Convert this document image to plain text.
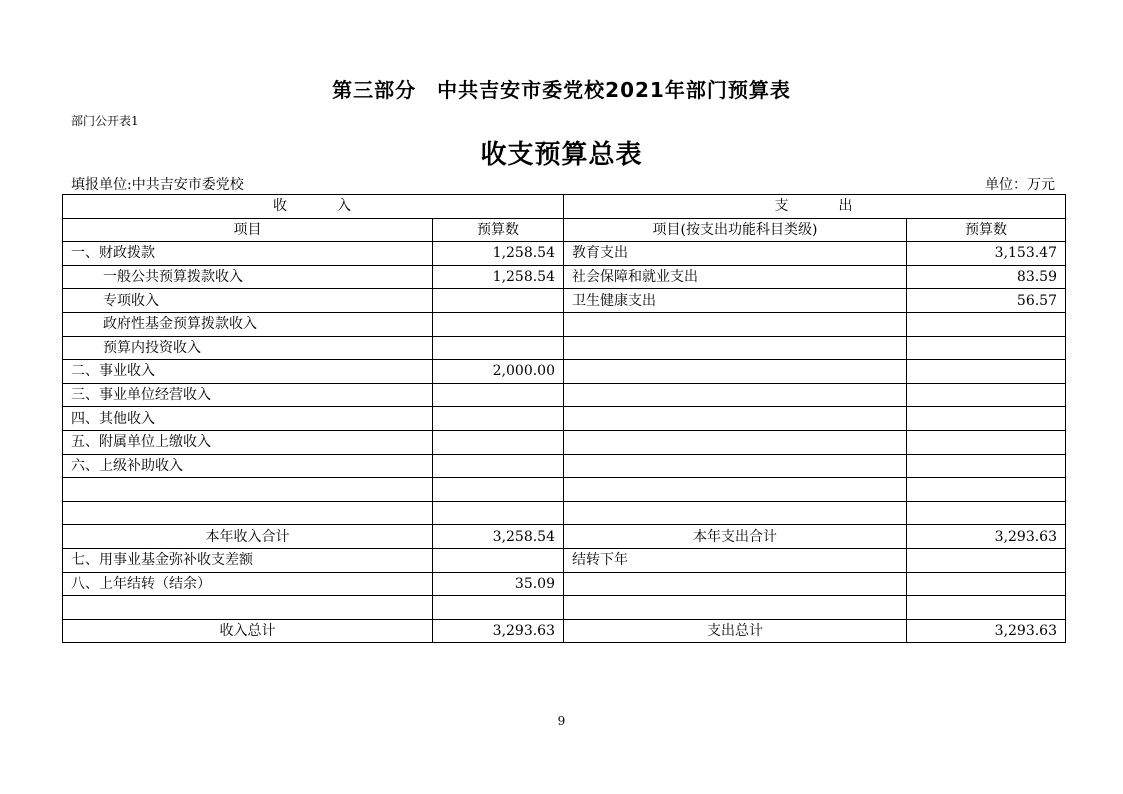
第三部分　中共吉安市委党校2021年部门预算表
部门公开表1
收支预算总表
填报单位:中共吉安市委党校	单位：万元
收　　　入		支　　　出	
项目	预算数	项目(按支出功能科目类级)	预算数
一、财政拨款	1,258.54	教育支出	3,153.47
一般公共预算拨款收入	1,258.54	社会保障和就业支出	83.59
专项收入		卫生健康支出	56.57
政府性基金预算拨款收入			
预算内投资收入			
二、事业收入	2,000.00		
三、事业单位经营收入			
四、其他收入			
五、附属单位上缴收入			
六、上级补助收入			

本年收入合计	3,258.54	本年支出合计	3,293.63
七、用事业基金弥补收支差额		结转下年	
八、上年结转（结余）	35.09		

收入总计	3,293.63	支出总计	3,293.63
9
